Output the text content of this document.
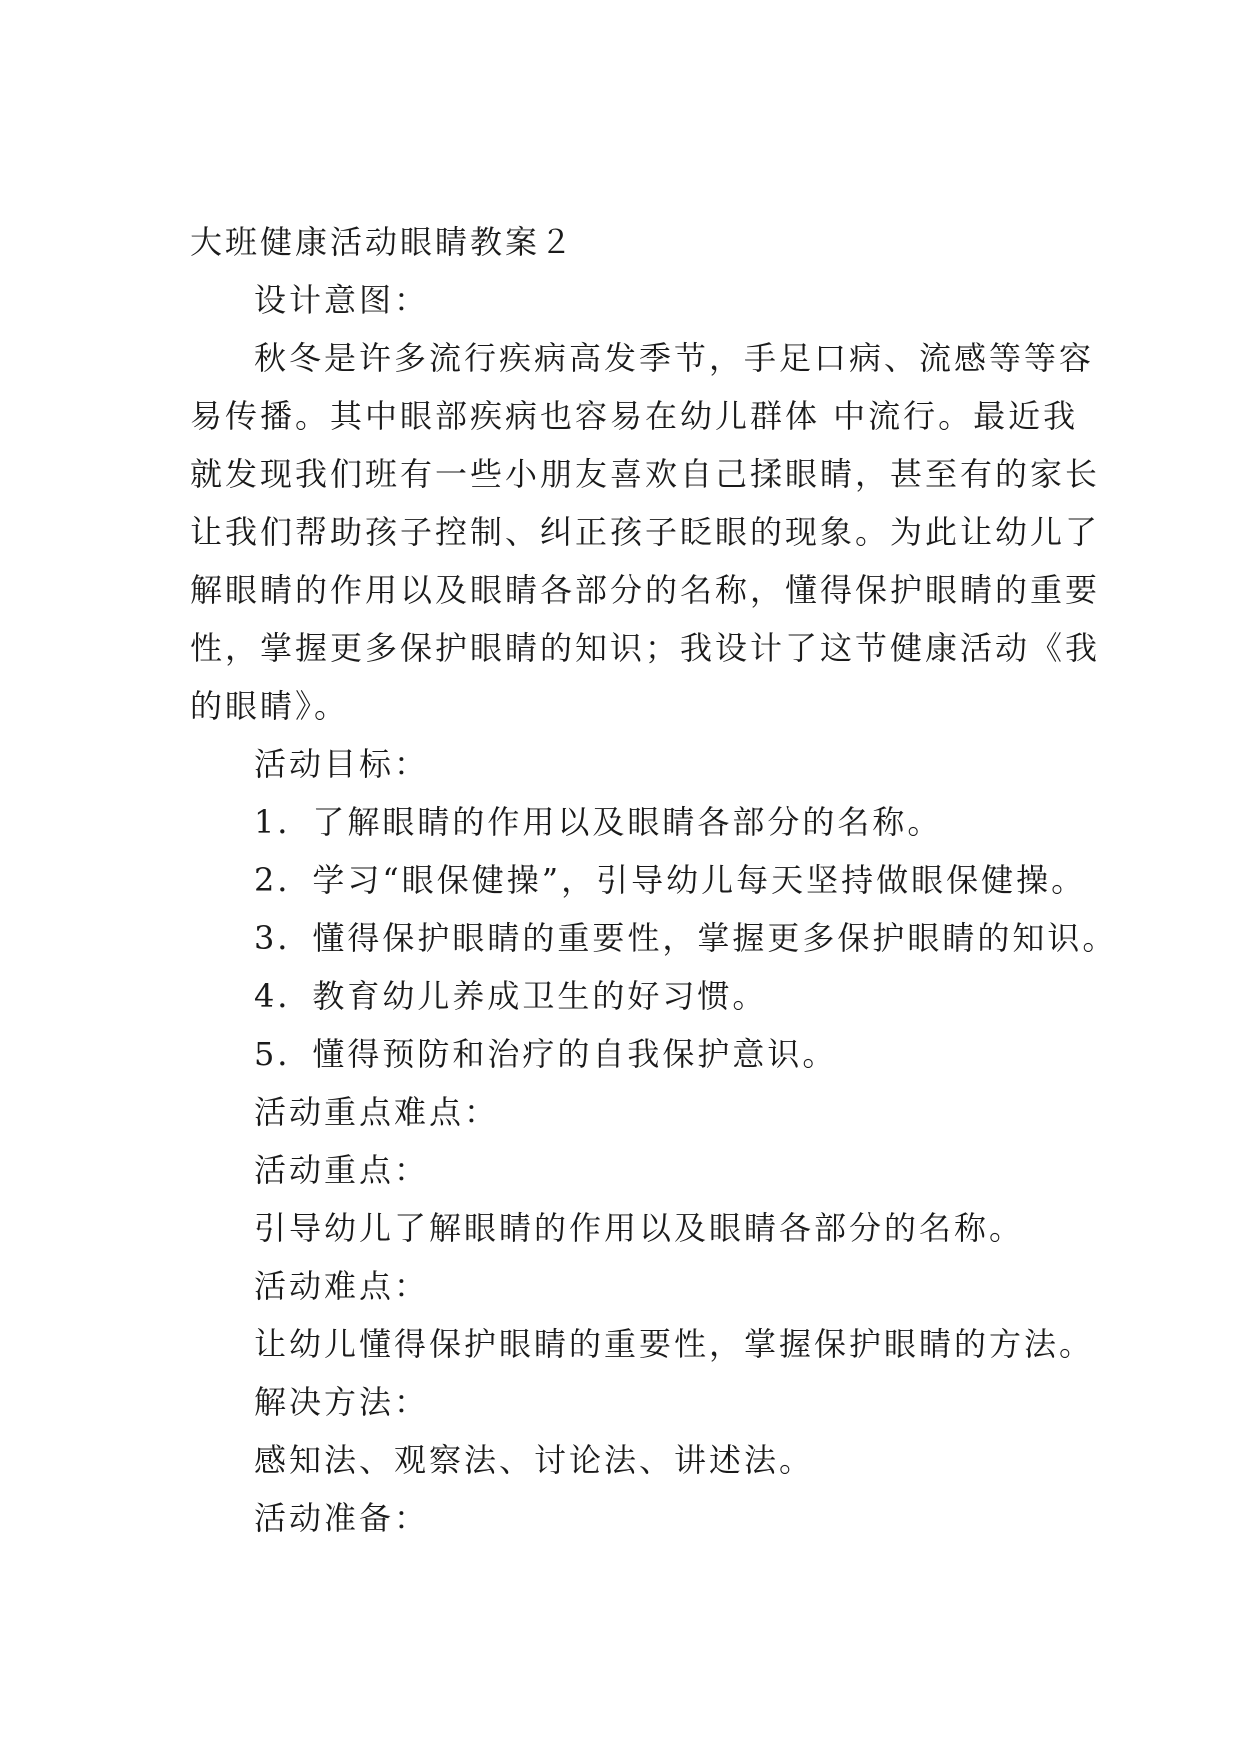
大班健康活动眼睛教案２
设计意图：
秋冬是许多流行疾病高发季节，手足口病、流感等等容
易传播。其中眼部疾病也容易在幼儿群体 中流行。最近我
就发现我们班有一些小朋友喜欢自己揉眼睛，甚至有的家长
让我们帮助孩子控制、纠正孩子眨眼的现象。为此让幼儿了
解眼睛的作用以及眼睛各部分的名称，懂得保护眼睛的重要
性，掌握更多保护眼睛的知识；我设计了这节健康活动《我
的眼睛》。
活动目标：
1．了解眼睛的作用以及眼睛各部分的名称。
2．学习“眼保健操”，引导幼儿每天坚持做眼保健操。
3．懂得保护眼睛的重要性，掌握更多保护眼睛的知识。
4．教育幼儿养成卫生的好习惯。
5．懂得预防和治疗的自我保护意识。
活动重点难点：
活动重点：
引导幼儿了解眼睛的作用以及眼睛各部分的名称。
活动难点：
让幼儿懂得保护眼睛的重要性，掌握保护眼睛的方法。
解决方法：
感知法、观察法、讨论法、讲述法。
活动准备：
